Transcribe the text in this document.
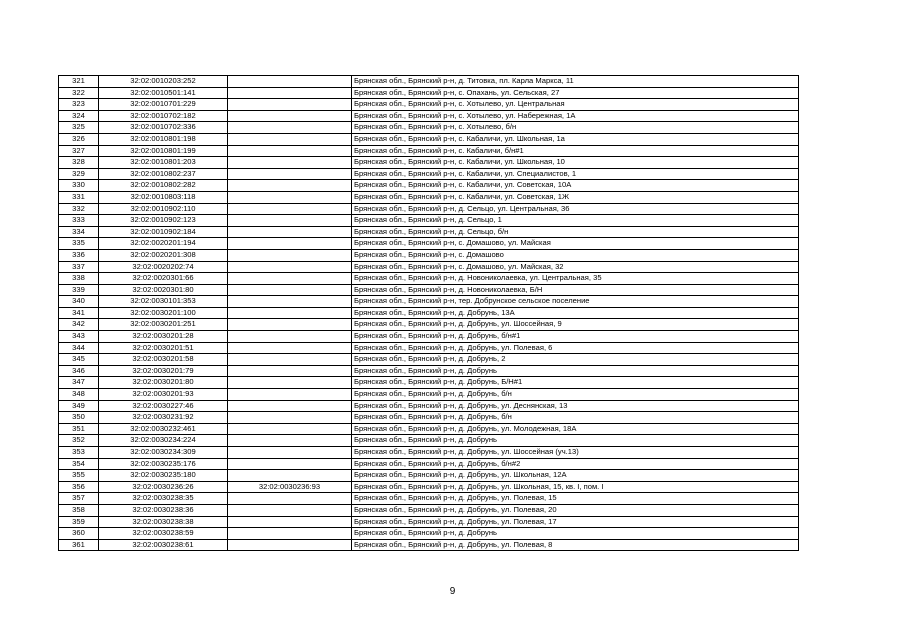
321	32:02:0010203:252		Брянская обл., Брянский р-н, д. Титовка, пл. Карла Маркса, 11
322	32:02:0010501:141		Брянская обл., Брянский р-н, с. Опахань, ул. Сельская, 27
323	32:02:0010701:229		Брянская обл., Брянский р-н, с. Хотылево, ул. Центральная
324	32:02:0010702:182		Брянская обл., Брянский р-н, с. Хотылево, ул. Набережная, 1А
325	32:02:0010702:336		Брянская обл., Брянский р-н, с. Хотылево, б/н
326	32:02:0010801:198		Брянская обл., Брянский р-н, с. Кабаличи, ул. Школьная, 1а
327	32:02:0010801:199		Брянская обл., Брянский р-н, с. Кабаличи, б/н#1
328	32:02:0010801:203		Брянская обл., Брянский р-н, с. Кабаличи, ул. Школьная, 10
329	32:02:0010802:237		Брянская обл., Брянский р-н, с. Кабаличи, ул. Специалистов, 1
330	32:02:0010802:282		Брянская обл., Брянский р-н, с. Кабаличи, ул. Советская, 10А
331	32:02:0010803:118		Брянская обл., Брянский р-н, с. Кабаличи, ул. Советская, 1Ж
332	32:02:0010902:110		Брянская обл., Брянский р-н, д. Сельцо, ул. Центральная, 36
333	32:02:0010902:123		Брянская обл., Брянский р-н, д. Сельцо, 1
334	32:02:0010902:184		Брянская обл., Брянский р-н, д. Сельцо, б/н
335	32:02:0020201:194		Брянская обл., Брянский р-н, с. Домашово, ул. Майская
336	32:02:0020201:308		Брянская обл., Брянский р-н, с. Домашово
337	32:02:0020202:74		Брянская обл., Брянский р-н, с. Домашово, ул. Майская, 32
338	32:02:0020301:66		Брянская обл., Брянский р-н, д. Новониколаевка, ул. Центральная, 35
339	32:02:0020301:80		Брянская обл., Брянский р-н, д. Новониколаевка, Б/Н
340	32:02:0030101:353		Брянская обл., Брянский р-н, тер. Добрунское сельское поселение
341	32:02:0030201:100		Брянская обл., Брянский р-н, д. Добрунь, 13А
342	32:02:0030201:251		Брянская обл., Брянский р-н, д. Добрунь, ул. Шоссейная, 9
343	32:02:0030201:28		Брянская обл., Брянский р-н, д. Добрунь, б/н#1
344	32:02:0030201:51		Брянская обл., Брянский р-н, д. Добрунь, ул. Полевая, 6
345	32:02:0030201:58		Брянская обл., Брянский р-н, д. Добрунь, 2
346	32:02:0030201:79		Брянская обл., Брянский р-н, д. Добрунь
347	32:02:0030201:80		Брянская обл., Брянский р-н, д. Добрунь, Б/Н#1
348	32:02:0030201:93		Брянская обл., Брянский р-н, д. Добрунь, б/н
349	32:02:0030227:46		Брянская обл., Брянский р-н, д. Добрунь, ул. Деснянская, 13
350	32:02:0030231:92		Брянская обл., Брянский р-н, д. Добрунь, б/н
351	32:02:0030232:461		Брянская обл., Брянский р-н, д. Добрунь, ул. Молодежная, 18А
352	32:02:0030234:224		Брянская обл., Брянский р-н, д. Добрунь
353	32:02:0030234:309		Брянская обл., Брянский р-н, д. Добрунь, ул. Шоссейная (уч.13)
354	32:02:0030235:176		Брянская обл., Брянский р-н, д. Добрунь, б/н#2
355	32:02:0030235:180		Брянская обл., Брянский р-н, д. Добрунь, ул. Школьная, 12А
356	32:02:0030236:26	32:02:0030236:93	Брянская обл., Брянский р-н, д. Добрунь, ул. Школьная, 15, кв. I, пом. I
357	32:02:0030238:35		Брянская обл., Брянский р-н, д. Добрунь, ул. Полевая, 15
358	32:02:0030238:36		Брянская обл., Брянский р-н, д. Добрунь, ул. Полевая, 20
359	32:02:0030238:38		Брянская обл., Брянский р-н, д. Добрунь, ул. Полевая, 17
360	32:02:0030238:59		Брянская обл., Брянский р-н, д. Добрунь
361	32:02:0030238:61		Брянская обл., Брянский р-н, д. Добрунь, ул. Полевая, 8
9
